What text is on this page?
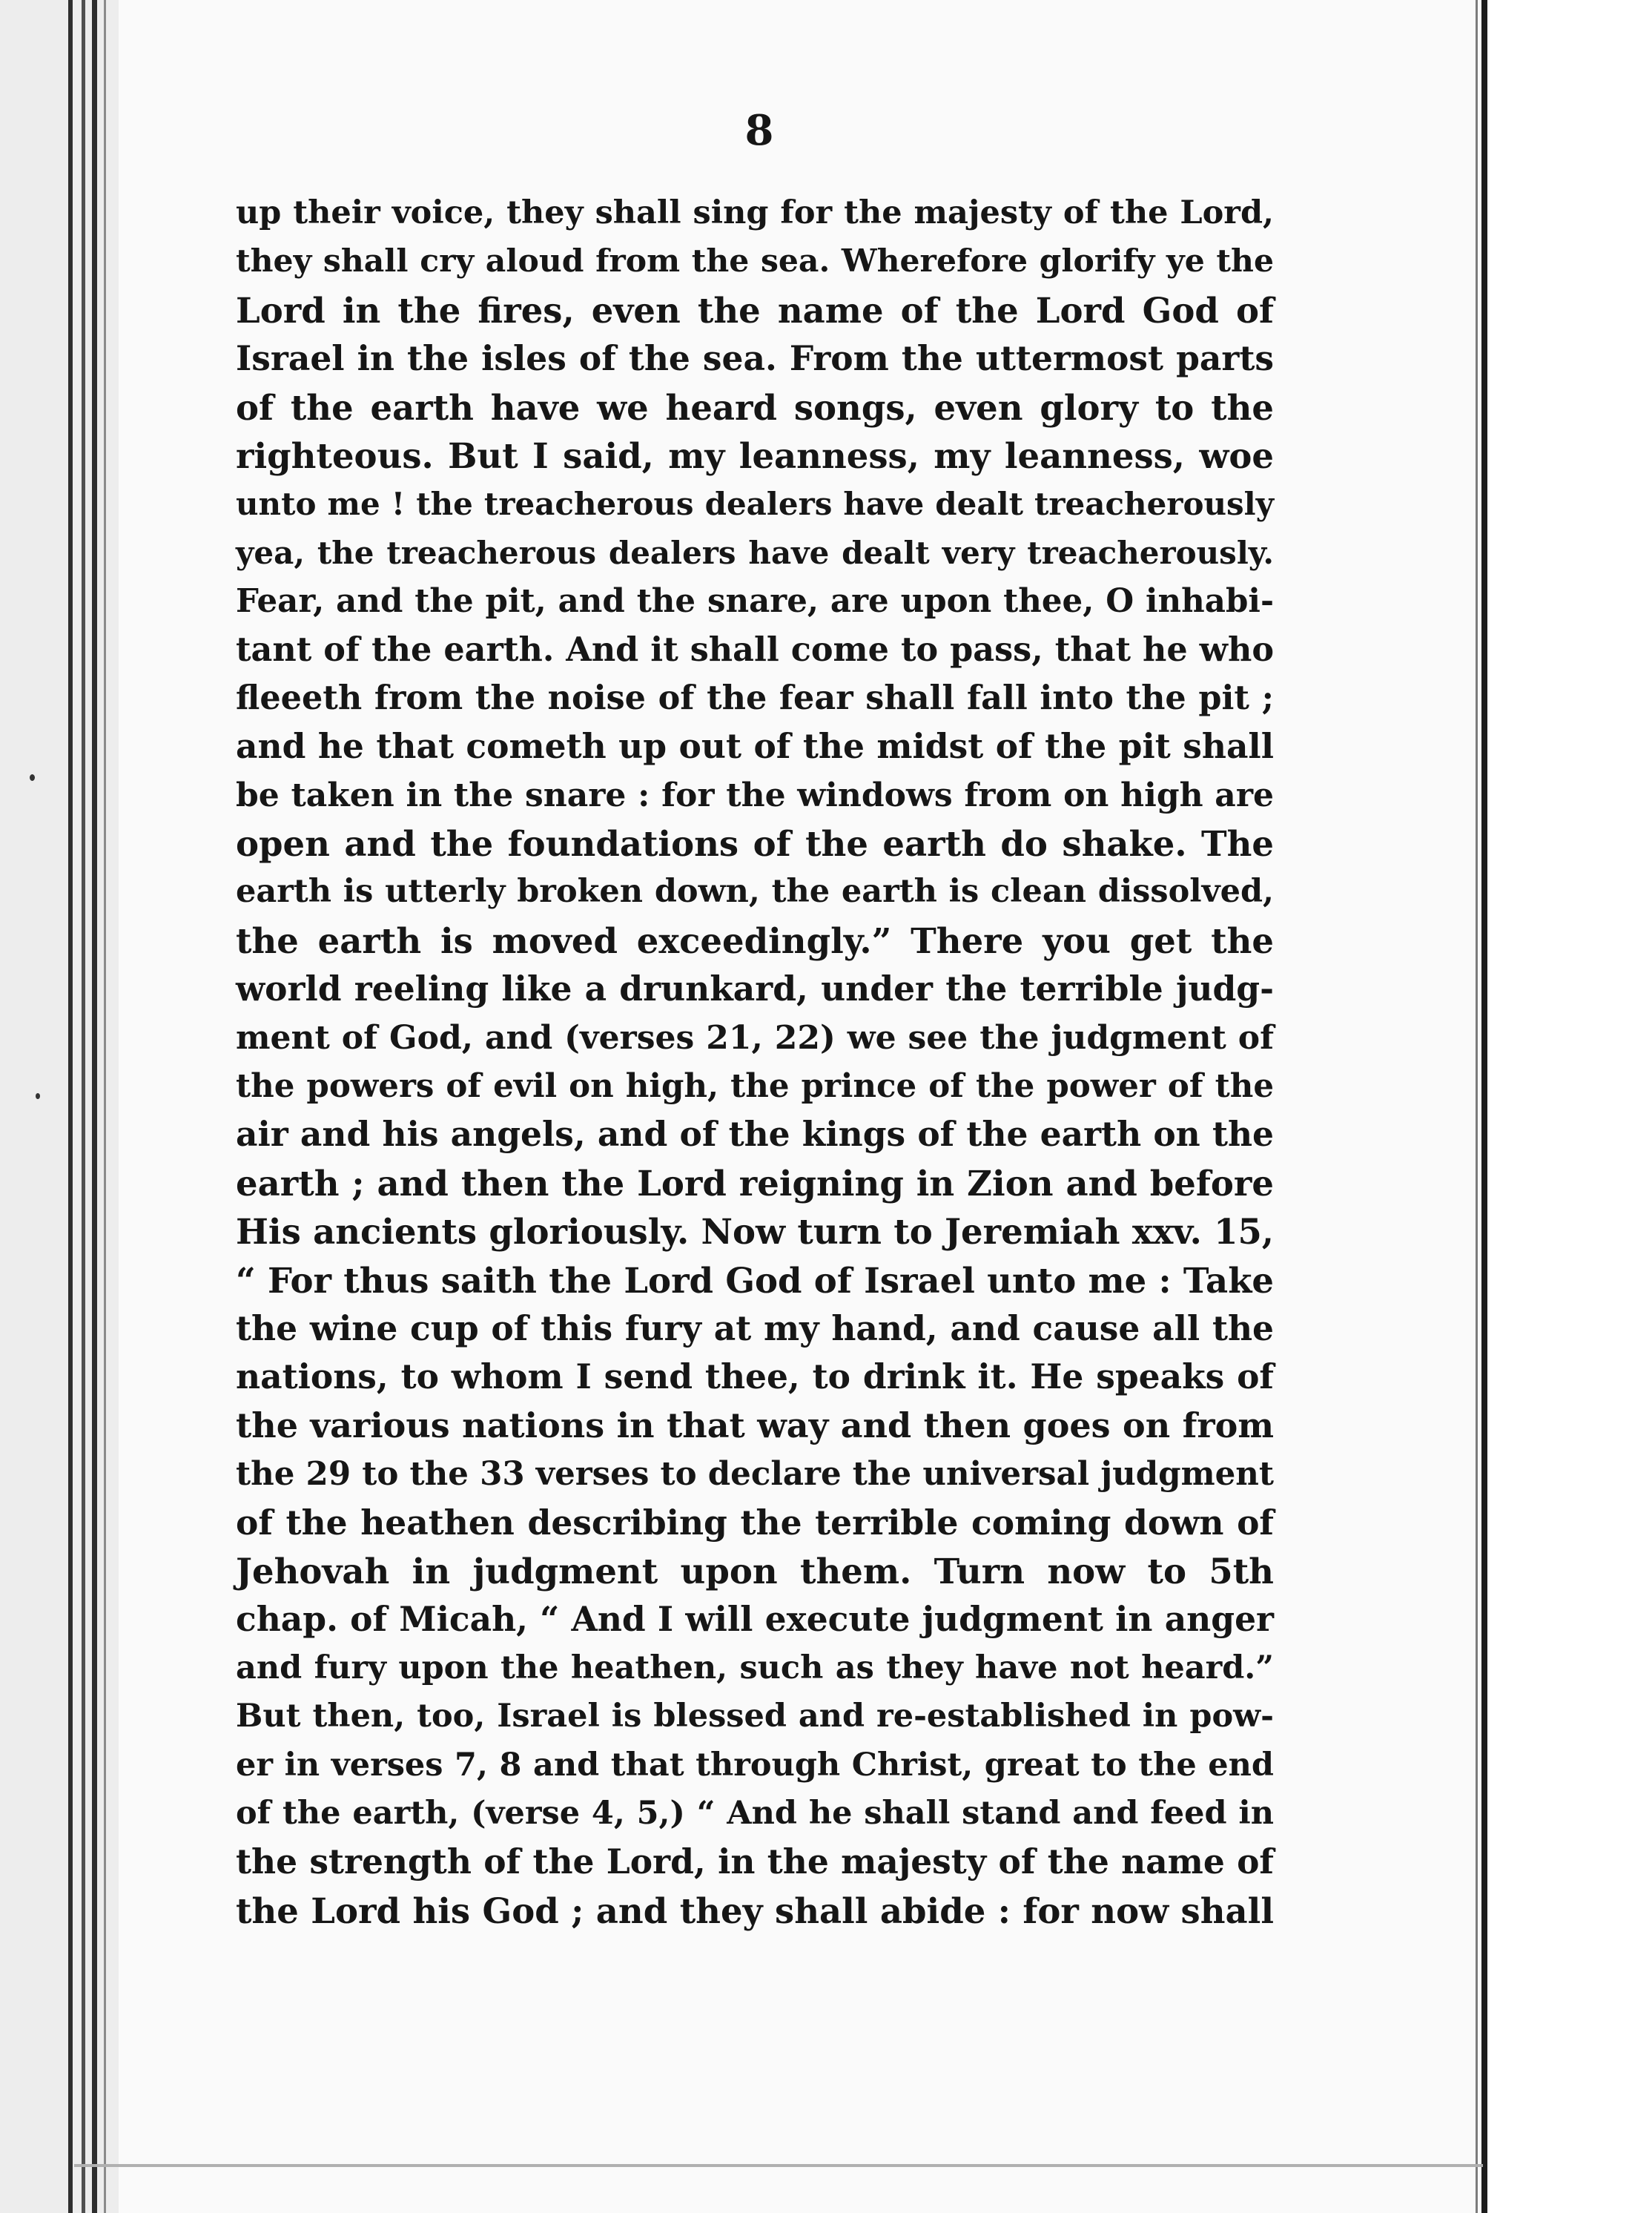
8
up their voice, they shall sing for the majesty of the Lord,
they shall cry aloud from the sea. Wherefore glorify ye the
Lord in the fires, even the name of the Lord God of
Israel in the isles of the sea. From the uttermost parts
of the earth have we heard songs, even glory to the
righteous. But I said, my leanness, my leanness, woe
unto me ! the treacherous dealers have dealt treacherously
yea, the treacherous dealers have dealt very treacherously.
Fear, and the pit, and the snare, are upon thee, O inhabi-
tant of the earth. And it shall come to pass, that he who
fleeeth from the noise of the fear shall fall into the pit ;
and he that cometh up out of the midst of the pit shall
be taken in the snare : for the windows from on high are
open and the foundations of the earth do shake. The
earth is utterly broken down, the earth is clean dissolved,
the earth is moved exceedingly.” There you get the
world reeling like a drunkard, under the terrible judg-
ment of God, and (verses 21, 22) we see the judgment of
the powers of evil on high, the prince of the power of the
air and his angels, and of the kings of the earth on the
earth ; and then the Lord reigning in Zion and before
His ancients gloriously. Now turn to Jeremiah xxv. 15,
“ For thus saith the Lord God of Israel unto me : Take
the wine cup of this fury at my hand, and cause all the
nations, to whom I send thee, to drink it. He speaks of
the various nations in that way and then goes on from
the 29 to the 33 verses to declare the universal judgment
of the heathen describing the terrible coming down of
Jehovah in judgment upon them. Turn now to 5th
chap. of Micah, “ And I will execute judgment in anger
and fury upon the heathen, such as they have not heard.”
But then, too, Israel is blessed and re-established in pow-
er in verses 7, 8 and that through Christ, great to the end
of the earth, (verse 4, 5,) “ And he shall stand and feed in
the strength of the Lord, in the majesty of the name of
the Lord his God ; and they shall abide : for now shall
